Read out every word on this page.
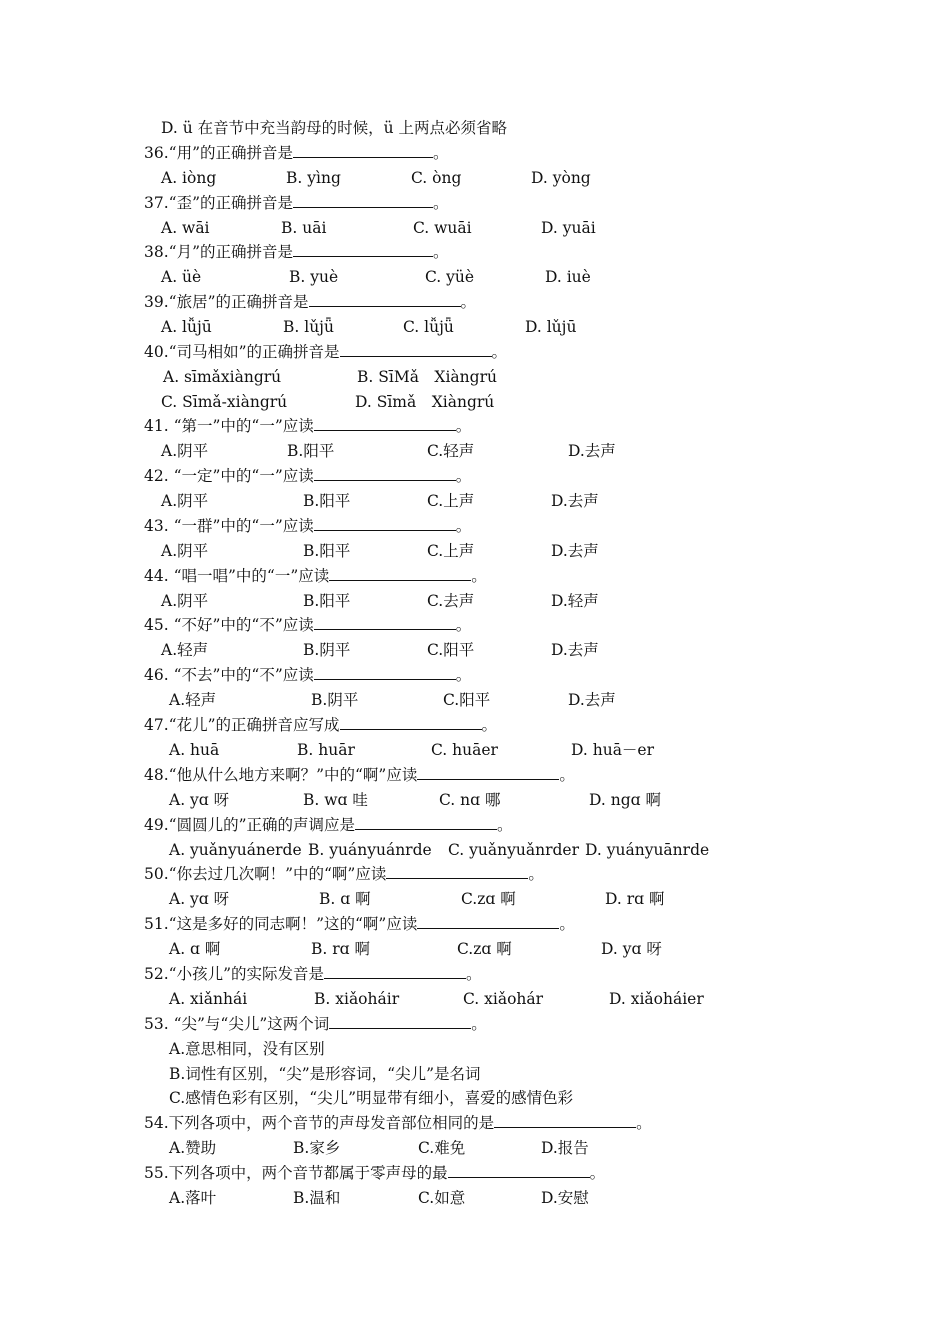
D. ü 在音节中充当韵母的时候，ü 上两点必须省略
36.“用”的正确拼音是	。
A. iòng	B. yìng	C. òng	D. yòng
37.“歪”的正确拼音是	。
A. wāi	B. uāi	C. wuāi	D. yuāi
38.“月”的正确拼音是	。
A. üè	B. yuè	C. yüè	D. iuè
39.“旅居”的正确拼音是	。
A. lǚjū	B. lǔjǖ	C. lǚjǖ	D. lǔjū
40.“司马相如”的正确拼音是	。
A. sīmǎxiàngrú	B. SīMǎ　Xiàngrú
C. Sīmǎ-xiàngrú	D. Sīmǎ　Xiàngrú
41. “第一”中的“一”应读	。
A.阴平	B.阳平	C.轻声	D.去声
42. “一定”中的“一”应读	。
A.阴平	B.阳平	C.上声	D.去声
43. “一群”中的“一”应读	。
A.阴平	B.阳平	C.上声	D.去声
44. “唱一唱”中的“一”应读	。
A.阴平	B.阳平	C.去声	D.轻声
45. “不好”中的“不”应读	。
A.轻声	B.阴平	C.阳平	D.去声
46. “不去”中的“不”应读	。
A.轻声	B.阴平	C.阳平	D.去声
47.“花儿”的正确拼音应写成	。
A. huā	B. huār	C. huāer	D. huā－er
48.“他从什么地方来啊？”中的“啊”应读	。
A. yɑ 呀	B. wɑ 哇	C. nɑ 哪	D. ngɑ 啊
49.“圆圆儿的”正确的声调应是	。
A. yuǎnyuánerde B. yuányuánrde C. yuǎnyuǎnrder D. yuányuānrde
50.“你去过几次啊！”中的“啊”应读	。
A. yɑ 呀	B. ɑ 啊	C.zɑ 啊	D. rɑ 啊
51.“这是多好的同志啊！”这的“啊”应读	。
A. ɑ 啊	B. rɑ 啊	C.zɑ 啊	D. yɑ 呀
52.“小孩儿”的实际发音是	。
A. xiǎnhái	B. xiǎoháir	C. xiǎohár	D. xiǎoháier
53. “尖”与“尖儿”这两个词	。
A.意思相同，没有区别
B.词性有区别，“尖”是形容词，“尖儿”是名词
C.感情色彩有区别，“尖儿”明显带有细小，喜爱的感情色彩
54.下列各项中，两个音节的声母发音部位相同的是	。
A.赞助	B.家乡	C.难免	D.报告
55.下列各项中，两个音节都属于零声母的最	。
A.落叶	B.温和	C.如意	D.安慰
